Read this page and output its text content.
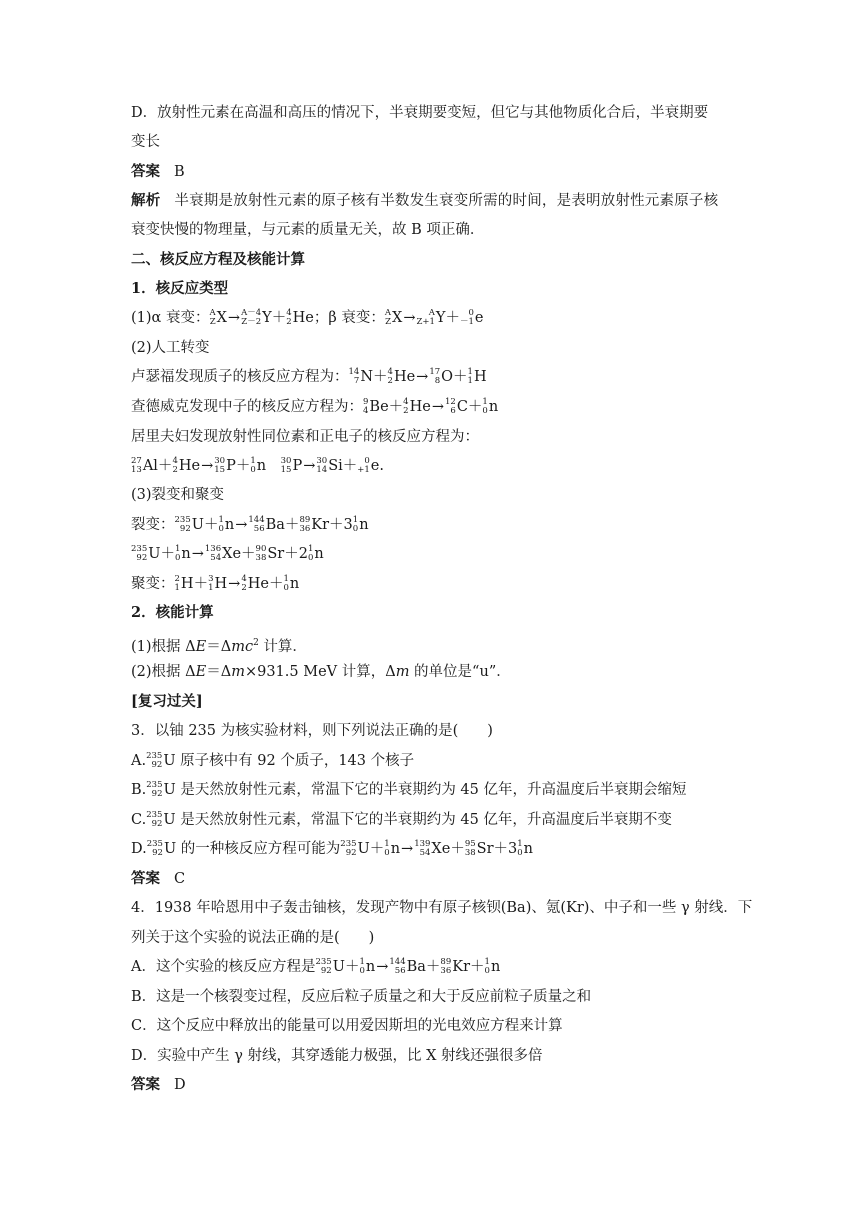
D．放射性元素在高温和高压的情况下，半衰期要变短，但它与其他物质化合后，半衰期要
变长
答案 B
解析 半衰期是放射性元素的原子核有半数发生衰变所需的时间，是表明放射性元素原子核
衰变快慢的物理量，与元素的质量无关，故 B 项正确．
二、核反应方程及核能计算
1．核反应类型
(1)α 衰变： A
Z X→ A－4
Z－2 Y＋ 4
2 He；β 衰变： A
Z X→	A
Z+1 Y＋	0
－1 e
(2)人工转变
卢瑟福发现质子的核反应方程为： 14
7 N＋ 4
2 He→ 17
8 O＋ 1
1 H
查德威克发现中子的核反应方程为： 9
4 Be＋ 4
2 He→ 12
6 C＋ 1
0 n
居里夫妇发现放射性同位素和正电子的核反应方程为：
27
13 Al＋ 4
2 He→ 30
15 P＋ 1
0 n　 30
15 P→ 30
14 Si＋ 0
+1 e.
(3)裂变和聚变
裂变： 235
92 U＋ 1
0 n→ 144
56 Ba＋ 89
36 Kr＋3 1
0 n
235
92 U＋ 1
0 n→ 136
54 Xe＋ 90
38 Sr＋2 1
0 n
聚变： 2
1 H＋ 3
1 H→ 4
2 He＋ 1
0 n
2．核能计算
(1)根据 ΔE＝Δmc$^2$ 计算．
(2)根据 ΔE＝Δm×931.5 MeV 计算，Δm 的单位是“u”．
[复习过关]
3．以铀 235 为核实验材料，则下列说法正确的是(　　)
A. 235
92 U 原子核中有 92 个质子，143 个核子
B. 235
92 U 是天然放射性元素，常温下它的半衰期约为 45 亿年，升高温度后半衰期会缩短
C. 235
92 U 是天然放射性元素，常温下它的半衰期约为 45 亿年，升高温度后半衰期不变
D. 235
92 U 的一种核反应方程可能为 235
92 U＋ 1
0 n→ 139
54 Xe＋ 95
38 Sr＋3 1
0 n
答案 C
4．1938 年哈恩用中子轰击铀核，发现产物中有原子核钡(Ba)、氪(Kr)、中子和一些 γ 射线．下
列关于这个实验的说法正确的是(　　)
A．这个实验的核反应方程是 235
92 U＋ 1
0 n→ 144
56 Ba＋ 89
36 Kr＋ 1
0 n
B．这是一个核裂变过程，反应后粒子质量之和大于反应前粒子质量之和
C．这个反应中释放出的能量可以用爱因斯坦的光电效应方程来计算
D．实验中产生 γ 射线，其穿透能力极强，比 X 射线还强很多倍
答案 D
